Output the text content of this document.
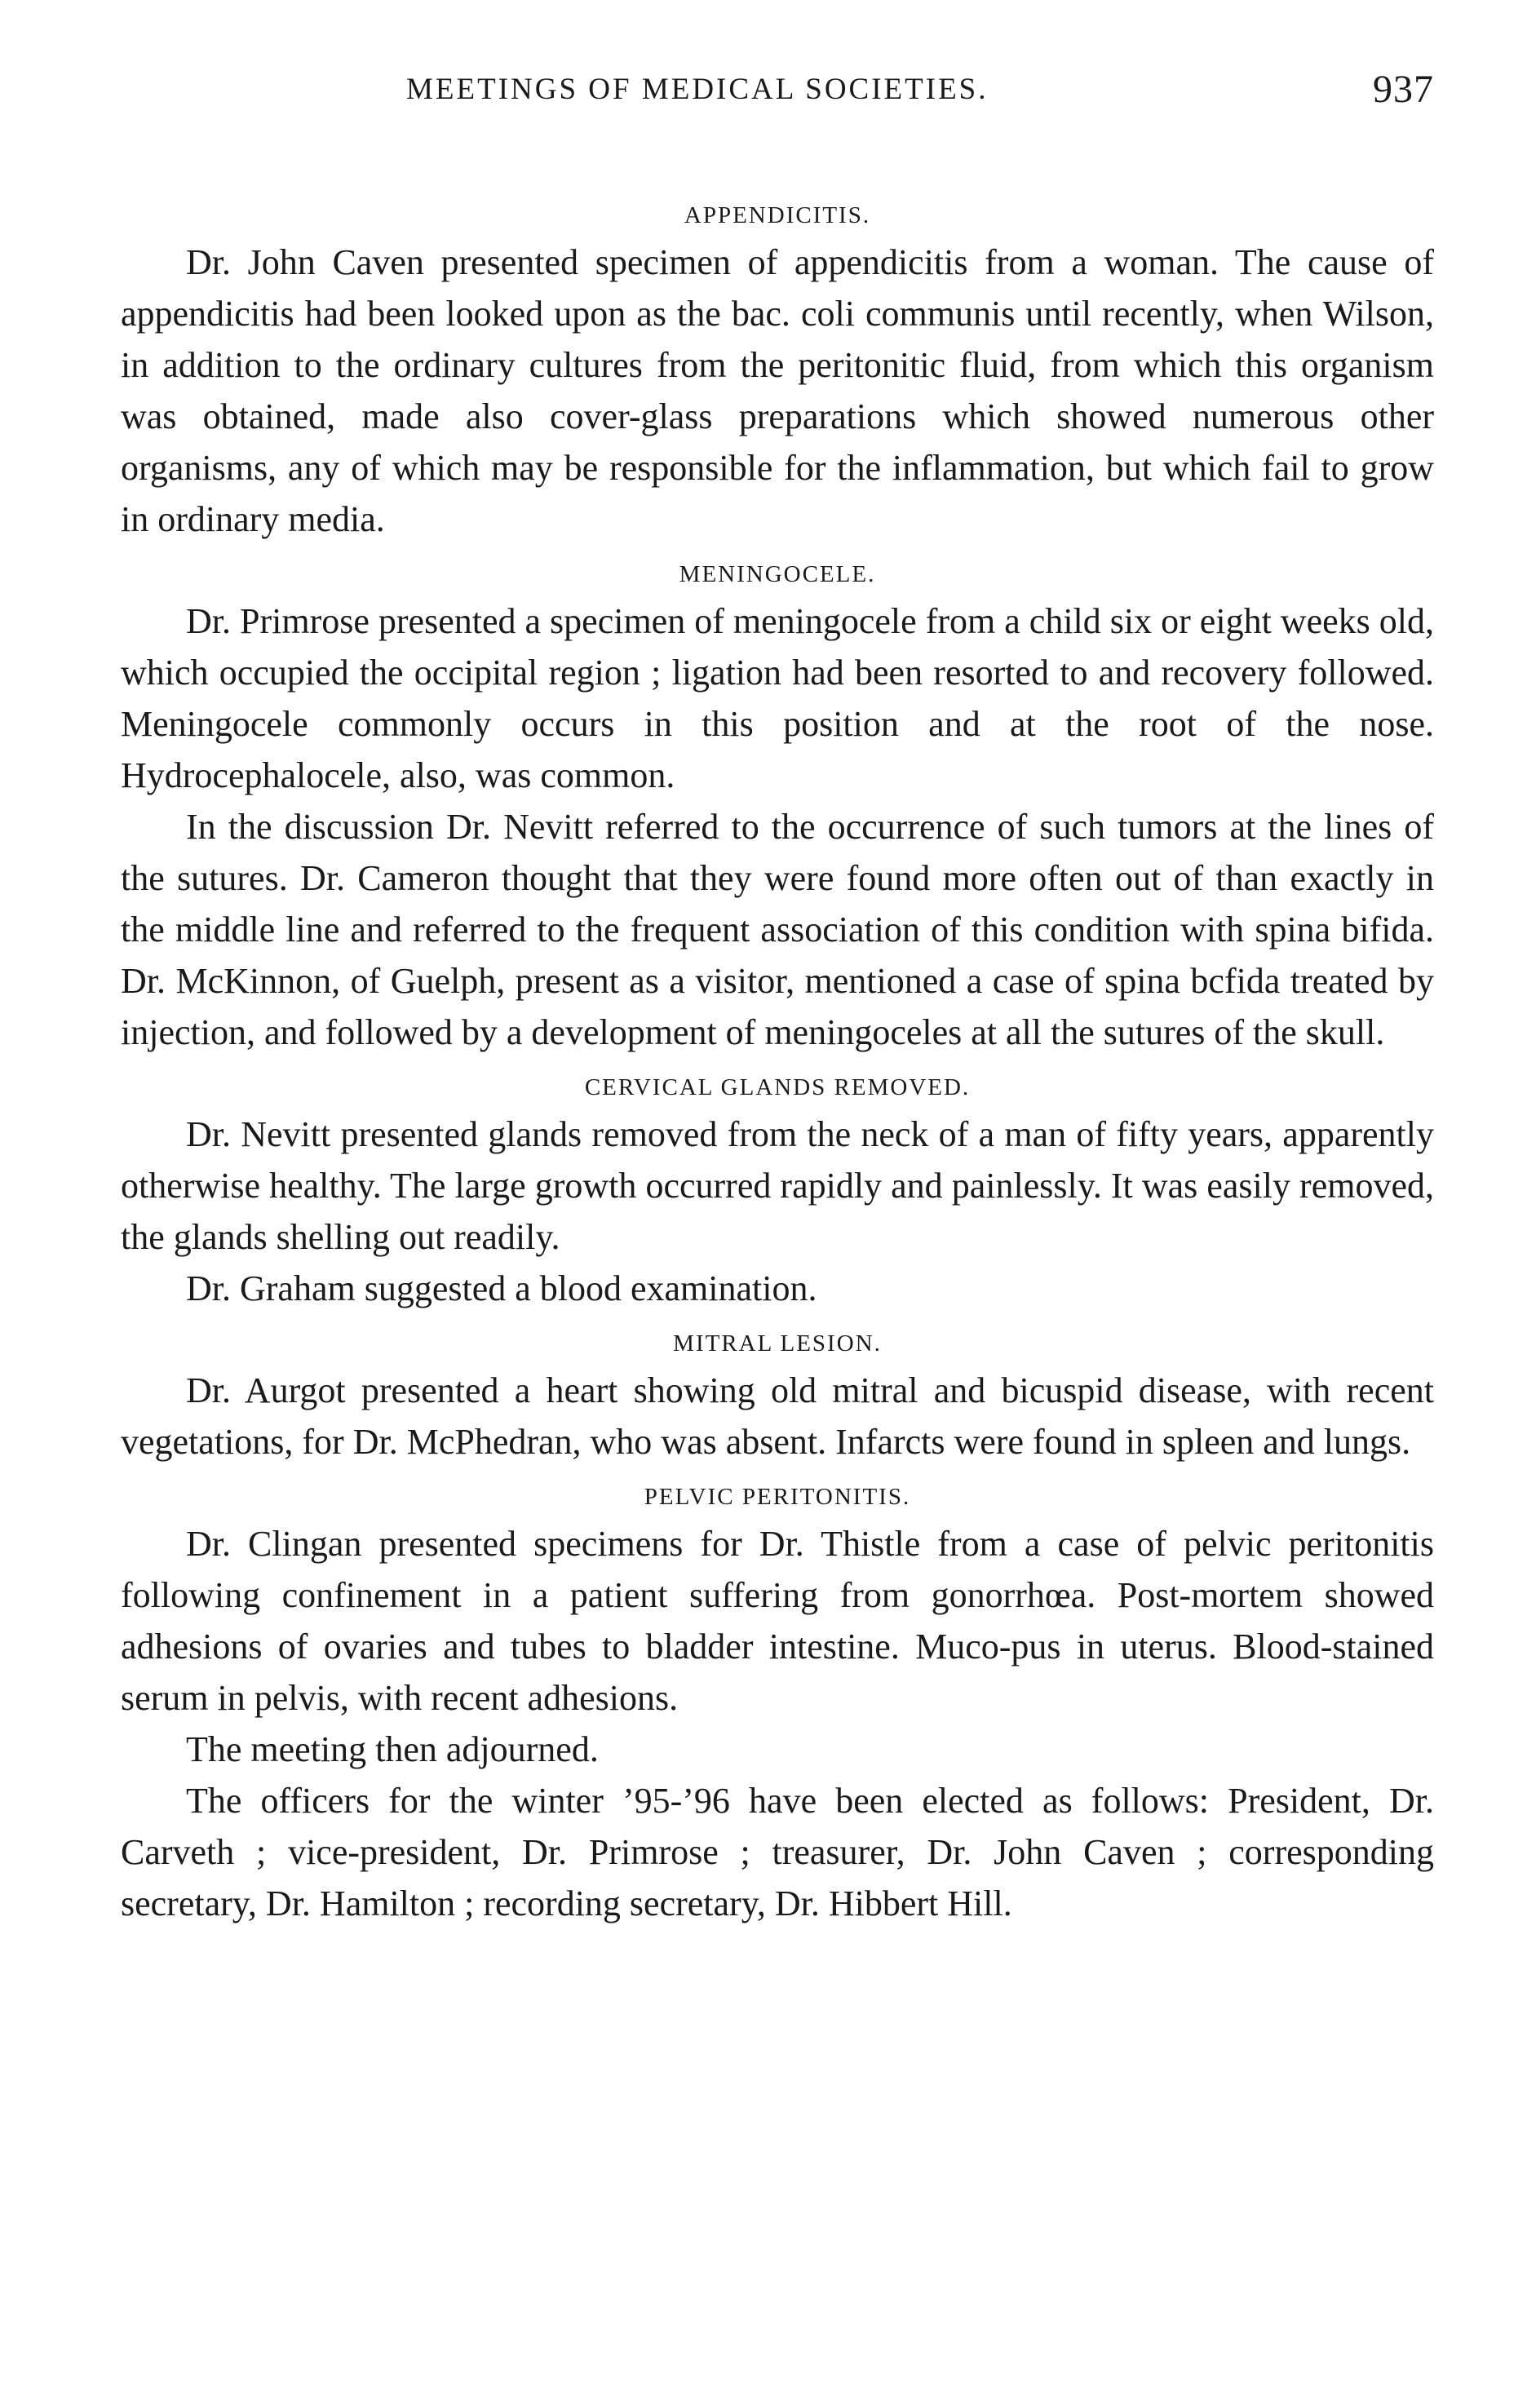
MEETINGS OF MEDICAL SOCIETIES.	937
APPENDICITIS.

Dr. John Caven presented specimen of appendicitis from a woman. The cause of appendicitis had been looked upon as the bac. coli communis until recently, when Wilson, in addition to the ordinary cultures from the peritonitic fluid, from which this organism was obtained, made also cover-glass preparations which showed numerous other organisms, any of which may be responsible for the inflammation, but which fail to grow in ordinary media.

MENINGOCELE.

Dr. Primrose presented a specimen of meningocele from a child six or eight weeks old, which occupied the occipital region ; ligation had been resorted to and recovery followed. Meningocele commonly occurs in this position and at the root of the nose. Hydrocephalocele, also, was common.

In the discussion Dr. Nevitt referred to the occurrence of such tumors at the lines of the sutures. Dr. Cameron thought that they were found more often out of than exactly in the middle line and referred to the frequent association of this condition with spina bifida. Dr. McKinnon, of Guelph, present as a visitor, mentioned a case of spina bcfida treated by injection, and followed by a development of meningoceles at all the sutures of the skull.

CERVICAL GLANDS REMOVED.

Dr. Nevitt presented glands removed from the neck of a man of fifty years, apparently otherwise healthy. The large growth occurred rapidly and painlessly. It was easily removed, the glands shelling out readily.

Dr. Graham suggested a blood examination.

MITRAL LESION.

Dr. Aurgot presented a heart showing old mitral and bicuspid disease, with recent vegetations, for Dr. McPhedran, who was absent. Infarcts were found in spleen and lungs.

PELVIC PERITONITIS.

Dr. Clingan presented specimens for Dr. Thistle from a case of pelvic peritonitis following confinement in a patient suffering from gonorrhœa. Post-mortem showed adhesions of ovaries and tubes to bladder intestine. Muco-pus in uterus. Blood-stained serum in pelvis, with recent adhesions.

The meeting then adjourned.

The officers for the winter ’95-’96 have been elected as follows: President, Dr. Carveth ; vice-president, Dr. Primrose ; treasurer, Dr. John Caven ; corresponding secretary, Dr. Hamilton ; recording secretary, Dr. Hibbert Hill.
